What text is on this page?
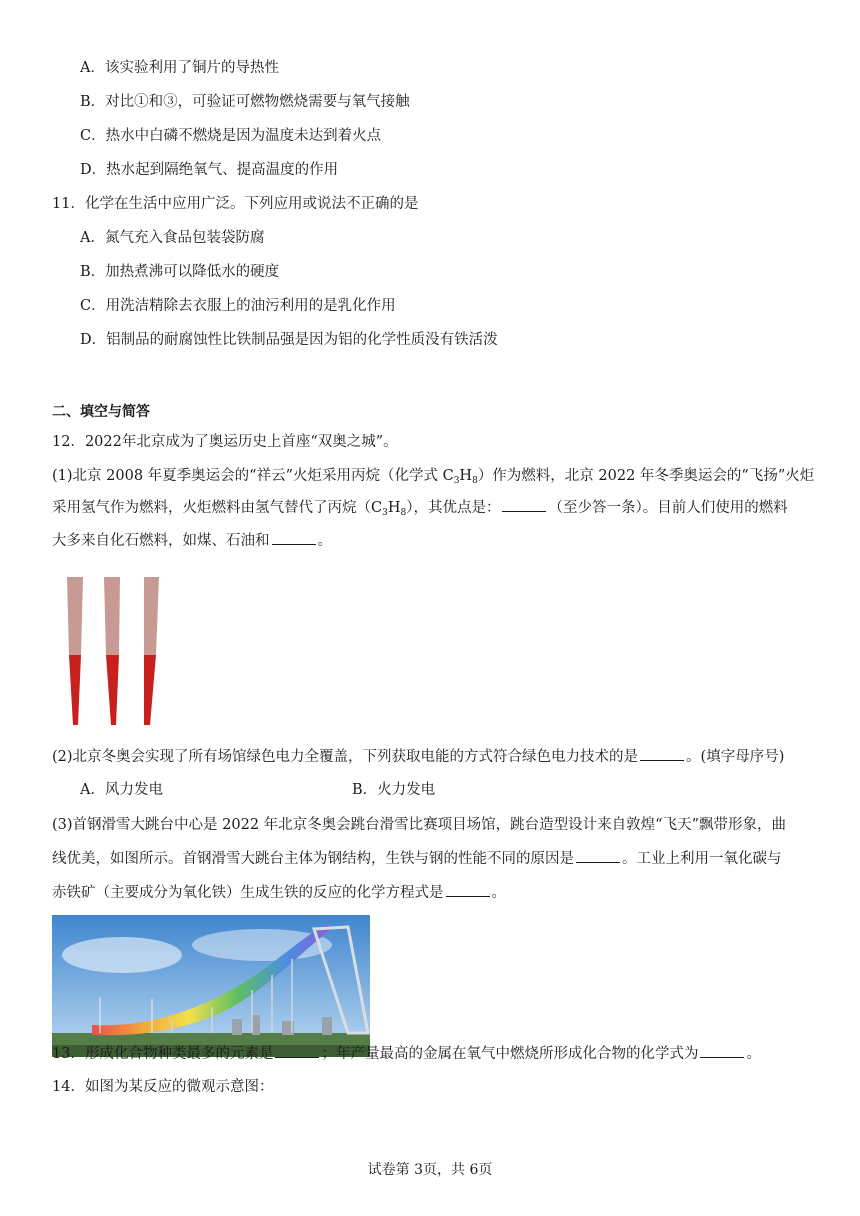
A．该实验利用了铜片的导热性
B．对比①和③，可验证可燃物燃烧需要与氧气接触
C．热水中白磷不燃烧是因为温度未达到着火点
D．热水起到隔绝氧气、提高温度的作用
11．化学在生活中应用广泛。下列应用或说法不正确的是
A．氮气充入食品包装袋防腐
B．加热煮沸可以降低水的硬度
C．用洗洁精除去衣服上的油污利用的是乳化作用
D．铝制品的耐腐蚀性比铁制品强是因为铝的化学性质没有铁活泼
二、填空与简答
12．2022年北京成为了奥运历史上首座“双奥之城”。
(1)北京 2008 年夏季奥运会的“祥云”火炬采用丙烷（化学式 $C_3H_8$）作为燃料，北京 2022 年冬季奥运会的“飞扬”火炬
采用氢气作为燃料，火炬燃料由氢气替代了丙烷$(C_3H_8)$，其优点是：	（至少答一条）。目前人们使用的燃料
大多来自化石燃料，如煤、石油和	。
(2)北京冬奥会实现了所有场馆绿色电力全覆盖，下列获取电能的方式符合绿色电力技术的是	。(填字母序号)
A．风力发电	B．火力发电
(3)首钢滑雪大跳台中心是 2022 年北京冬奥会跳台滑雪比赛项目场馆，跳台造型设计来自敦煌“飞天”飘带形象，曲
线优美，如图所示。首钢滑雪大跳台主体为钢结构，生铁与钢的性能不同的原因是	。工业上利用一氧化碳与
赤铁矿（主要成分为氧化铁）生成生铁的反应的化学方程式是	。
13．形成化合物种类最多的元素是	；年产量最高的金属在氧气中燃烧所形成化合物的化学式为	。
14．如图为某反应的微观示意图：
试卷第 3页，共 6页
